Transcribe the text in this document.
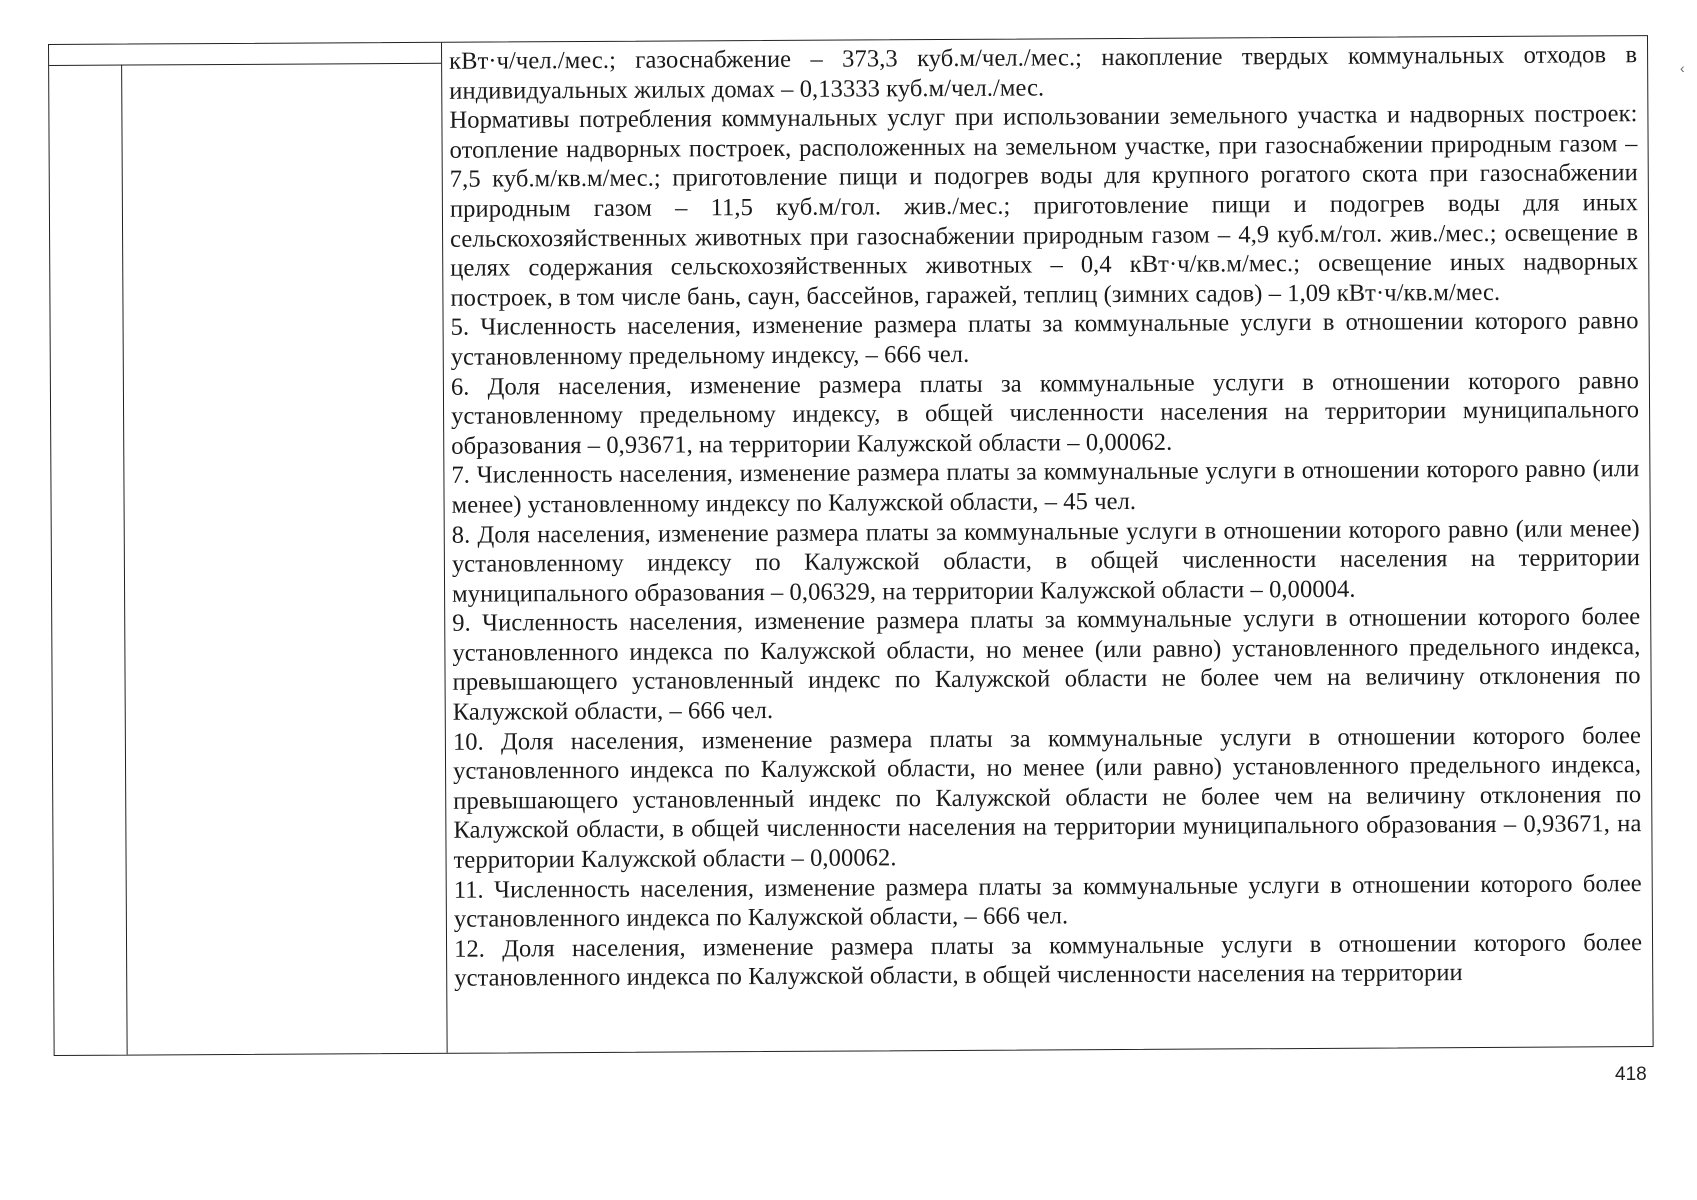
кВт·ч/чел./мес.; газоснабжение – 373,3 куб.м/чел./мес.; накопление твердых коммунальных отходов в индивидуальных жилых домах – 0,13333 куб.м/чел./мес.

Нормативы потребления коммунальных услуг при использовании земельного участка и надворных построек: отопление надворных построек, расположенных на земельном участке, при газоснабжении природным газом – 7,5 куб.м/кв.м/мес.; приготовление пищи и подогрев воды для крупного рогатого скота при газоснабжении природным газом – 11,5 куб.м/гол. жив./мес.; приготовление пищи и подогрев воды для иных сельскохозяйственных животных при газоснабжении природным газом – 4,9 куб.м/гол. жив./мес.; освещение в целях содержания сельскохозяйственных животных – 0,4 кВт·ч/кв.м/мес.; освещение иных надворных построек, в том числе бань, саун, бассейнов, гаражей, теплиц (зимних садов) – 1,09 кВт·ч/кв.м/мес.

5. Численность населения, изменение размера платы за коммунальные услуги в отношении которого равно установленному предельному индексу, – 666 чел.

6. Доля населения, изменение размера платы за коммунальные услуги в отношении которого равно установленному предельному индексу, в общей численности населения на территории муниципального образования – 0,93671, на территории Калужской области – 0,00062.

7. Численность населения, изменение размера платы за коммунальные услуги в отношении которого равно (или менее) установленному индексу по Калужской области, – 45 чел.

8. Доля населения, изменение размера платы за коммунальные услуги в отношении которого равно (или менее) установленному индексу по Калужской области, в общей численности населения на территории муниципального образования – 0,06329, на территории Калужской области – 0,00004.

9. Численность населения, изменение размера платы за коммунальные услуги в отношении которого более установленного индекса по Калужской области, но менее (или равно) установленного предельного индекса, превышающего установленный индекс по Калужской области не более чем на величину отклонения по Калужской области, – 666 чел.

10. Доля населения, изменение размера платы за коммунальные услуги в отношении которого более установленного индекса по Калужской области, но менее (или равно) установленного предельного индекса, превышающего установленный индекс по Калужской области не более чем на величину отклонения по Калужской области, в общей численности населения на территории муниципального образования – 0,93671, на территории Калужской области – 0,00062.

11. Численность населения, изменение размера платы за коммунальные услуги в отношении которого более установленного индекса по Калужской области, – 666 чел.

12. Доля населения, изменение размера платы за коммунальные услуги в отношении которого более установленного индекса по Калужской области, в общей численности населения на территории

‹
418
